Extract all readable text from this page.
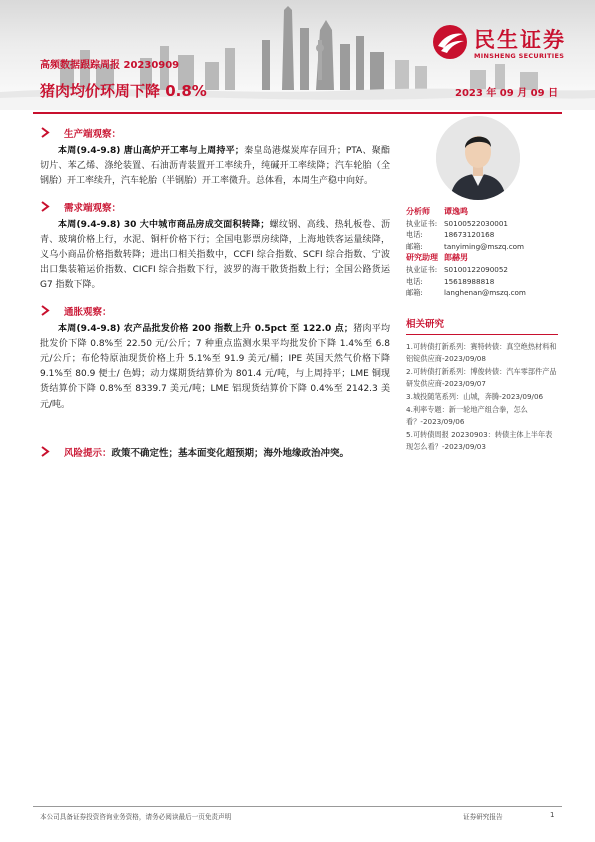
民生证券
MINSHENG SECURITIES
高频数据跟踪周报 20230909
猪肉均价环周下降 0.8%	2023 年 09 月 09 日
生产端观察：

本周(9.4-9.8) 唐山高炉开工率与上周持平；秦皇岛港煤炭库存回升；PTA、聚酯切片、苯乙烯、涤纶装置、石油沥青装置开工率续升，纯碱开工率续降；汽车轮胎（全钢胎）开工率续升，汽车轮胎（半钢胎）开工率微升。总体看，本周生产稳中向好。

需求端观察：

本周(9.4-9.8) 30 大中城市商品房成交面积转降；螺纹钢、高线、热轧板卷、沥青、玻璃价格上行，水泥、铜杆价格下行；全国电影票房续降，上海地铁客运量续降，义乌小商品价格指数转降；进出口相关指数中，CCFI 综合指数、SCFI 综合指数、宁波出口集装箱运价指数、CICFI 综合指数下行，波罗的海干散货指数上行；全国公路货运 G7 指数下降。

通胀观察：

本周(9.4-9.8) 农产品批发价格 200 指数上升 0.5pct 至 122.0 点；猪肉平均批发价下降 0.8%至 22.50 元/公斤；7 种重点监测水果平均批发价下降 1.4%至 6.8 元/公斤；布伦特原油现货价格上升 5.1%至 91.9 美元/桶；IPE 英国天然气价格下降 9.1%至 80.9 便士/ 色姆；动力煤期货结算价为 801.4 元/吨，与上周持平；LME 铜现货结算价下降 0.8%至 8339.7 美元/吨；LME 铝现货结算价下降 0.4%至 2142.3 美元/吨。

风险提示：政策不确定性；基本面变化超预期；海外地缘政治冲突。
分析师 谭逸鸣
执业证书: S0100522030001
电话:	18673120168
邮箱:	tanyiming@mszq.com
研究助理 郎赫男
执业证书: S0100122090052
电话:	15618988818
邮箱:	langhenan@mszq.com
相关研究
1.可转债打新系列：赛特转债：真空绝热材料和铝锭供应商-2023/09/08
2.可转债打新系列：博俊转债：汽车零部件产品研发供应商-2023/09/07
3.城投随笔系列：山城，奔腾-2023/09/06
4.利率专题：新一轮地产组合拳，怎么看？-2023/09/06
5.可转债周报 20230903：转债主体上半年表现怎么看？-2023/09/03
本公司具备证券投资咨询业务资格，请务必阅读最后一页免责声明	证券研究报告	1
